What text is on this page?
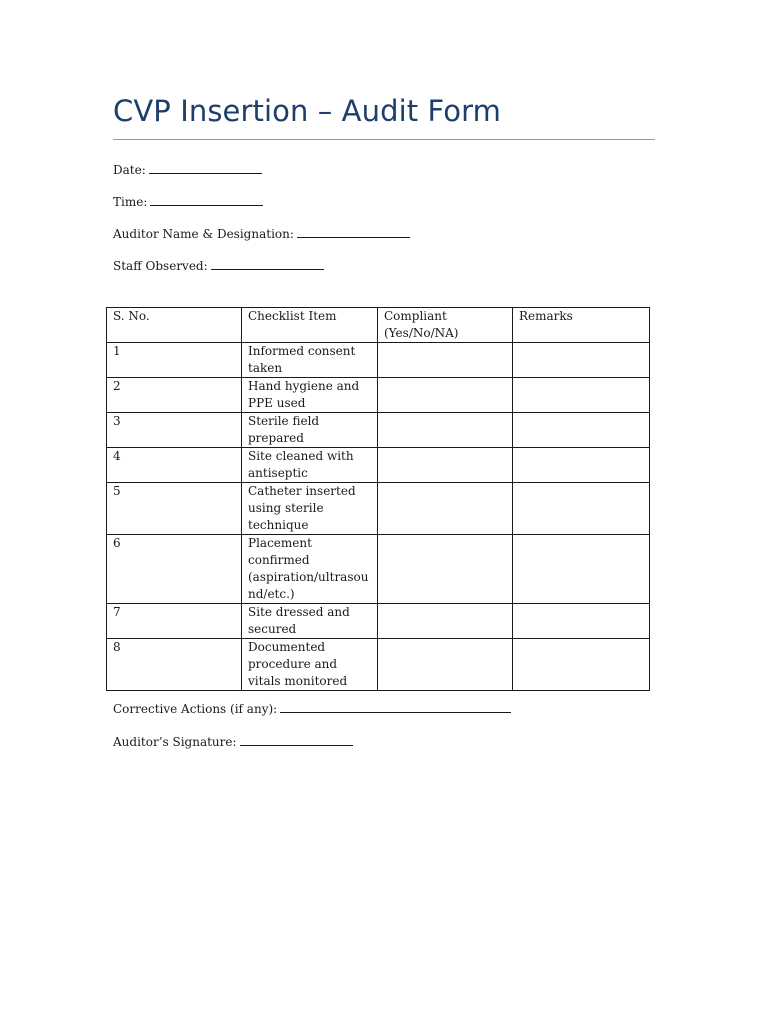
CVP Insertion – Audit Form
Date:
Time:
Auditor Name & Designation:
Staff Observed:
S. No.	Checklist Item	Compliant (Yes/No/NA)	Remarks
1	Informed consent taken		
2	Hand hygiene and PPE used		
3	Sterile field prepared		
4	Site cleaned with antiseptic		
5	Catheter inserted using sterile technique		
6	Placement confirmed (aspiration/ultrasound/etc.)		
7	Site dressed and secured		
8	Documented procedure and vitals monitored		
Corrective Actions (if any):
Auditor’s Signature:
